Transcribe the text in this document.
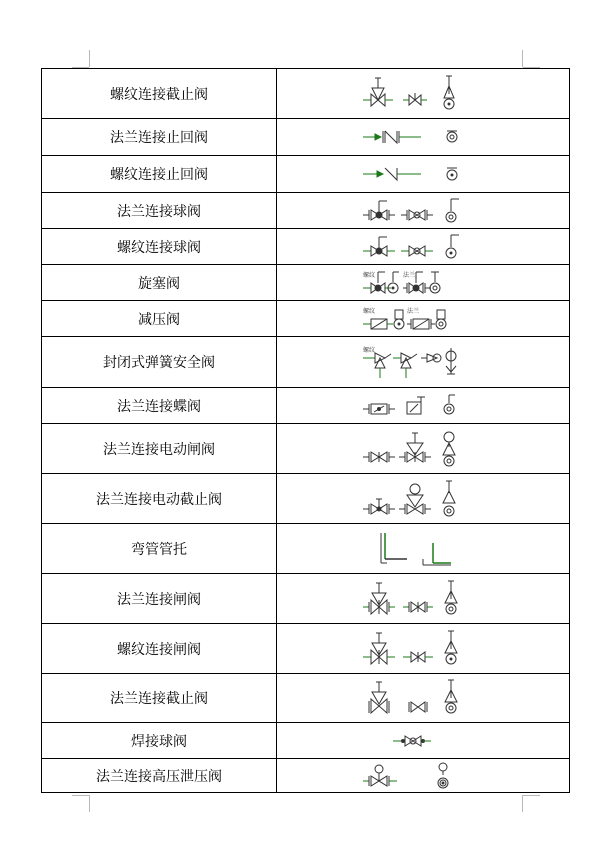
螺纹连接截止阀	

法兰连接止回阀	

螺纹连接止回阀	

法兰连接球阀	

螺纹连接球阀	

旋塞阀	螺纹 法兰

减压阀	螺纹 法兰

封闭式弹簧安全阀	螺纹

法兰连接蝶阀	

法兰连接电动闸阀	

法兰连接电动截止阀	

弯管管托	

法兰连接闸阀	

螺纹连接闸阀	

法兰连接截止阀	

焊接球阀	

法兰连接高压泄压阀	
